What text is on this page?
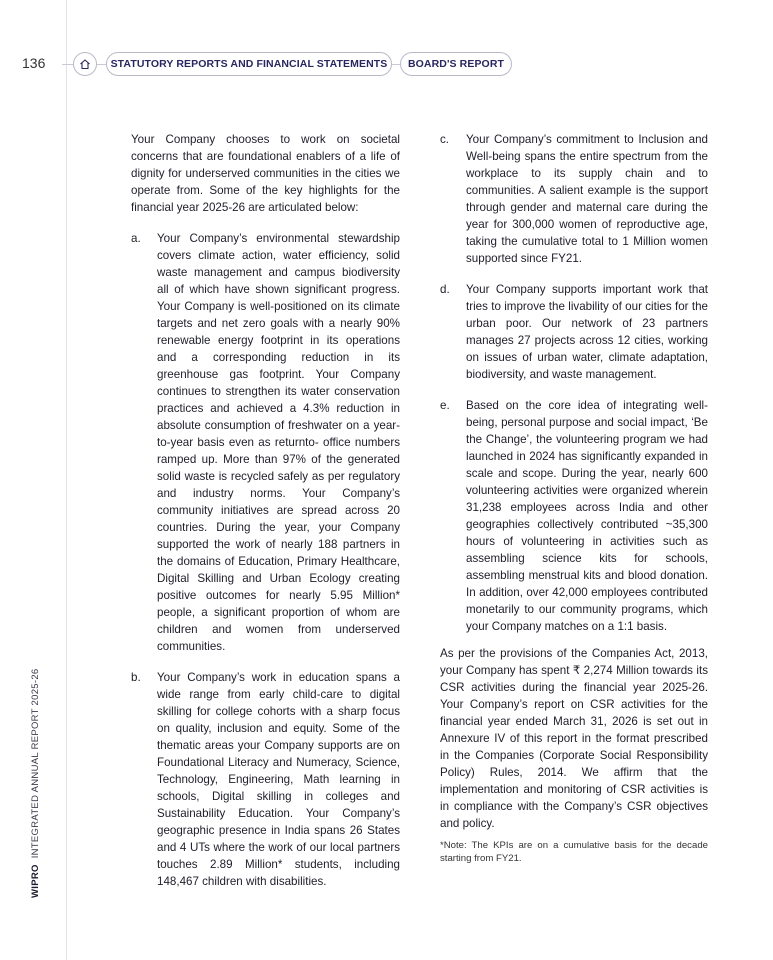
136	STATUTORY REPORTS AND FINANCIAL STATEMENTS	BOARD'S REPORT
WIPROINTEGRATED ANNUAL REPORT 2025-26

Your Company chooses to work on societal concerns that are foundational enablers of a life of dignity for underserved communities in the cities we operate from. Some of the key highlights for the financial year 2025-26 are articulated below:

a. Your Company’s environmental stewardship covers climate action, water efficiency, solid waste management and campus biodiversity all of which have shown significant progress. Your Company is well-positioned on its climate targets and net zero goals with a nearly 90% renewable energy footprint in its operations and a corresponding reduction in its greenhouse gas footprint. Your Company continues to strengthen its water conservation practices and achieved a 4.3% reduction in absolute consumption of freshwater on a year-to-year basis even as returnto- office numbers ramped up. More than 97% of the generated solid waste is recycled safely as per regulatory and industry norms. Your Company’s community initiatives are spread across 20 countries. During the year, your Company supported the work of nearly 188 partners in the domains of Education, Primary Healthcare, Digital Skilling and Urban Ecology creating positive outcomes for nearly 5.95 Million* people, a significant proportion of whom are children and women from underserved communities.

b. Your Company’s work in education spans a wide range from early child-care to digital skilling for college cohorts with a sharp focus on quality, inclusion and equity. Some of the thematic areas your Company supports are on Foundational Literacy and Numeracy, Science, Technology, Engineering, Math learning in schools, Digital skilling in colleges and Sustainability Education. Your Company’s geographic presence in India spans 26 States and 4 UTs where the work of our local partners touches 2.89 Million* students, including 148,467 children with disabilities.

c. Your Company’s commitment to Inclusion and Well-being spans the entire spectrum from the workplace to its supply chain and to communities. A salient example is the support through gender and maternal care during the year for 300,000 women of reproductive age, taking the cumulative total to 1 Million women supported since FY21.

d. Your Company supports important work that tries to improve the livability of our cities for the urban poor. Our network of 23 partners manages 27 projects across 12 cities, working on issues of urban water, climate adaptation, biodiversity, and waste management.

e. Based on the core idea of integrating well-being, personal purpose and social impact, ‘Be the Change’, the volunteering program we had launched in 2024 has significantly expanded in scale and scope. During the year, nearly 600 volunteering activities were organized wherein 31,238 employees across India and other geographies collectively contributed ~35,300 hours of volunteering in activities such as assembling science kits for schools, assembling menstrual kits and blood donation. In addition, over 42,000 employees contributed monetarily to our community programs, which your Company matches on a 1:1 basis.

As per the provisions of the Companies Act, 2013, your Company has spent ₹ 2,274 Million towards its CSR activities during the financial year 2025-26. Your Company’s report on CSR activities for the financial year ended March 31, 2026 is set out in Annexure IV of this report in the format prescribed in the Companies (Corporate Social Responsibility Policy) Rules, 2014. We affirm that the implementation and monitoring of CSR activities is in compliance with the Company’s CSR objectives and policy.

*Note: The KPIs are on a cumulative basis for the decade starting from FY21.
